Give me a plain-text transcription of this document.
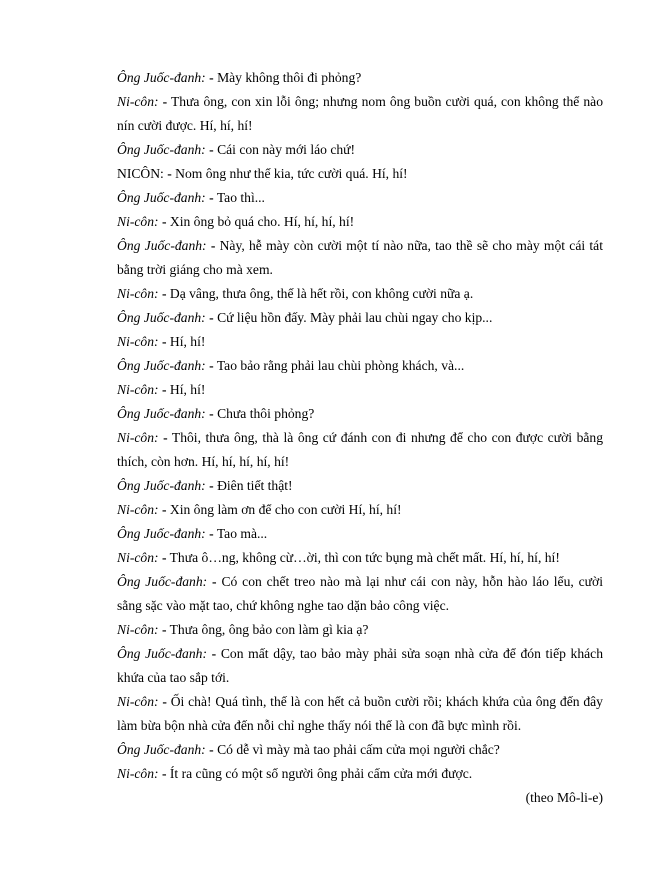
Ông Juốc-đanh: - Mày không thôi đi phỏng?
Ni-côn: - Thưa ông, con xin lỗi ông; nhưng nom ông buồn cười quá, con không thể nào nín cười được. Hí, hí, hí!
Ông Juốc-đanh: - Cái con này mới láo chứ!
NICÔN: - Nom ông như thế kia, tức cười quá. Hí, hí!
Ông Juốc-đanh: - Tao thì...
Ni-côn: - Xin ông bỏ quá cho. Hí, hí, hí, hí!
Ông Juốc-đanh: - Này, hễ mày còn cười một tí nào nữa, tao thề sẽ cho mày một cái tát bằng trời giáng cho mà xem.
Ni-côn: - Dạ vâng, thưa ông, thế là hết rồi, con không cười nữa ạ.
Ông Juốc-đanh: - Cứ liệu hồn đấy. Mày phải lau chùi ngay cho kịp...
Ni-côn: - Hí, hí!
Ông Juốc-đanh: - Tao bảo rằng phải lau chùi phòng khách, và...
Ni-côn: - Hí, hí!
Ông Juốc-đanh: - Chưa thôi phỏng?
Ni-côn: - Thôi, thưa ông, thà là ông cứ đánh con đi nhưng để cho con được cười bằng thích, còn hơn. Hí, hí, hí, hí, hí!
Ông Juốc-đanh: - Điên tiết thật!
Ni-côn: - Xin ông làm ơn để cho con cười Hí, hí, hí!
Ông Juốc-đanh: - Tao mà...
Ni-côn: - Thưa ô…ng, không cừ…ời, thì con tức bụng mà chết mất. Hí, hí, hí, hí!
Ông Juốc-đanh: - Có con chết treo nào mà lại như cái con này, hỗn hào láo lếu, cười sằng sặc vào mặt tao, chứ không nghe tao dặn bảo công việc.
Ni-côn: - Thưa ông, ông bảo con làm gì kia ạ?
Ông Juốc-đanh: - Con mất dậy, tao bảo mày phải sửa soạn nhà cửa để đón tiếp khách khứa của tao sắp tới.
Ni-côn: - Ối chà! Quá tình, thế là con hết cả buồn cười rồi; khách khứa của ông đến đây làm bừa bộn nhà cửa đến nỗi chỉ nghe thấy nói thế là con đã bực mình rồi.
Ông Juốc-đanh: - Có dễ vì mày mà tao phải cấm cửa mọi người chắc?
Ni-côn: - Ít ra cũng có một số người ông phải cấm cửa mới được.
(theo Mô-li-e)
